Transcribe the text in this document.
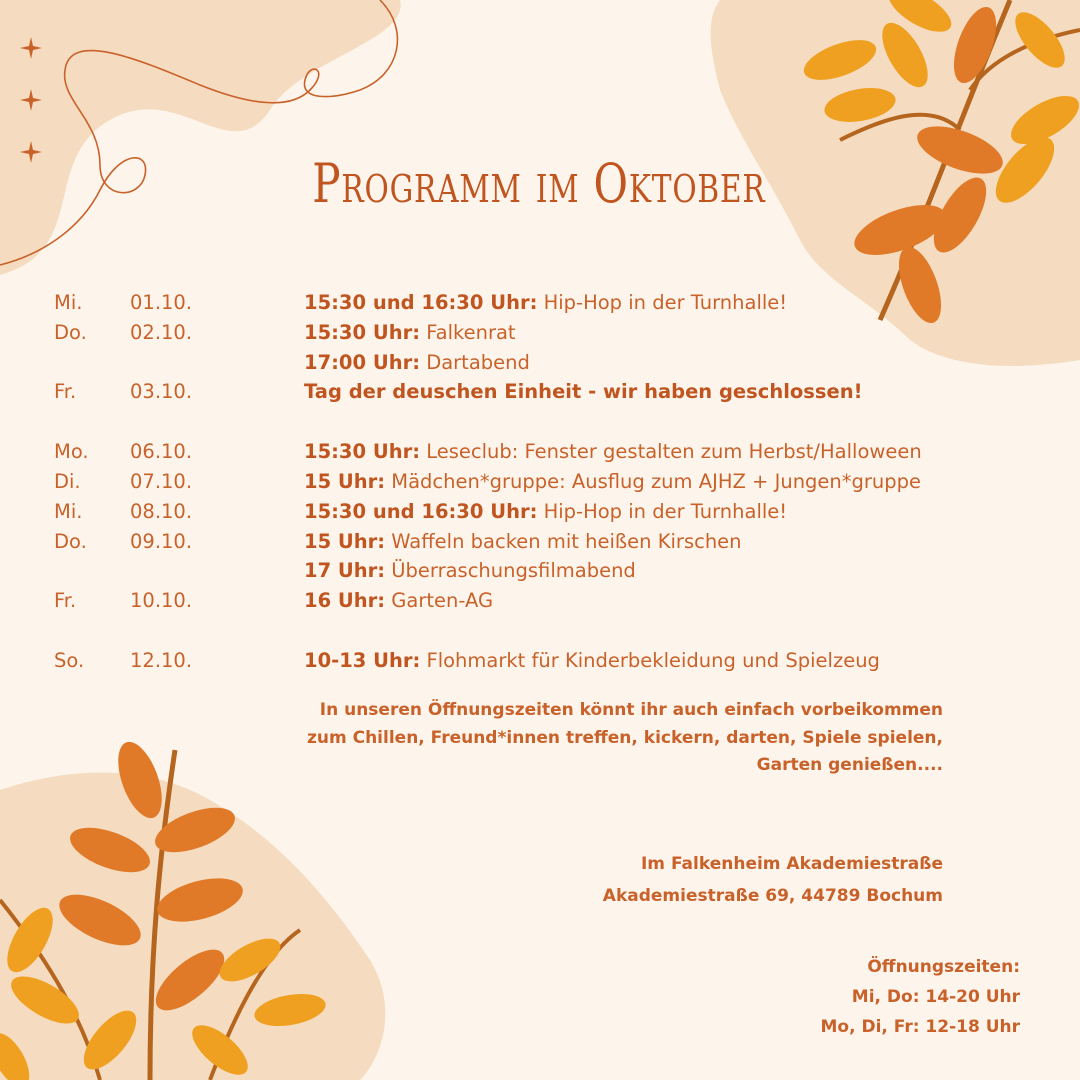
Programm im Oktober
Mi. 01.10.	15:30 und 16:30 Uhr: Hip-Hop in der Turnhalle!
Do. 02.10.	15:30 Uhr: Falkenrat
17:00 Uhr: Dartabend
Fr.	03.10.	Tag der deuschen Einheit - wir haben geschlossen!
Mo. 06.10.	15:30 Uhr: Leseclub: Fenster gestalten zum Herbst/Halloween
Di.	07.10.	15 Uhr: Mädchen*gruppe: Ausflug zum AJHZ + Jungen*gruppe
Mi. 08.10.	15:30 und 16:30 Uhr: Hip-Hop in der Turnhalle!
Do. 09.10.	15 Uhr: Waffeln backen mit heißen Kirschen
17 Uhr: Überraschungsfilmabend
Fr.	10.10.	16 Uhr: Garten-AG
So. 12.10.	10-13 Uhr: Flohmarkt für Kinderbekleidung und Spielzeug
In unseren Öffnungszeiten könnt ihr auch einfach vorbeikommen
zum Chillen, Freund*innen treffen, kickern, darten, Spiele spielen,
Garten genießen....
Im Falkenheim Akademiestraße
Akademiestraße 69, 44789 Bochum
Öffnungszeiten:
Mi, Do: 14-20 Uhr
Mo, Di, Fr: 12-18 Uhr
